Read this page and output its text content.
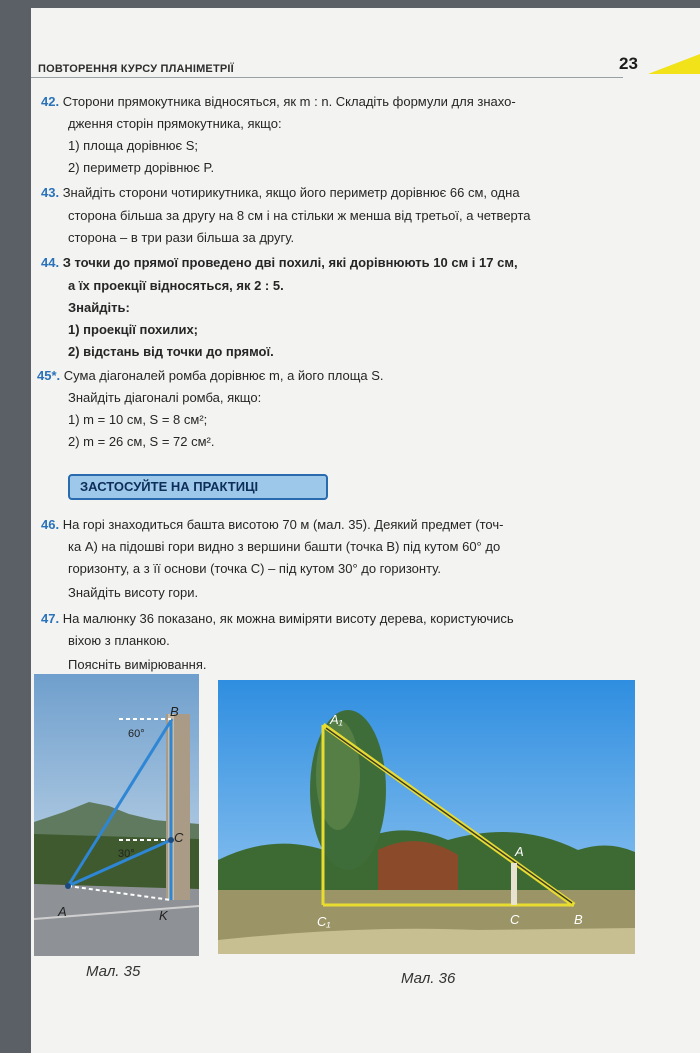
ПОВТОРЕННЯ КУРСУ ПЛАНІМЕТРІЇ	23
42. Сторони прямокутника відносяться, як m : n. Складіть формули для знахо-
дження сторін прямокутника, якщо:
1) площа дорівнює S;
2) периметр дорівнює P.
43. Знайдіть сторони чотирикутника, якщо його периметр дорівнює 66 см, одна
сторона більша за другу на 8 см і на стільки ж менша від третьої, а четверта
сторона – в три рази більша за другу.
44. З точки до прямої проведено дві похилі, які дорівнюють 10 см і 17 см,
а їх проекції відносяться, як 2 : 5.
Знайдіть:
1) проекції похилих;
2) відстань від точки до прямої.
45*. Сума діагоналей ромба дорівнює m, а його площа S.
Знайдіть діагоналі ромба, якщо:
1) m = 10 см, S = 8 см²;
2) m = 26 см, S = 72 см².
ЗАСТОСУЙТЕ НА ПРАКТИЦІ
46. На горі знаходиться башта висотою 70 м (мал. 35). Деякий предмет (точ-
ка A) на підошві гори видно з вершини башти (точка B) під кутом 60° до
горизонту, а з її основи (точка C) – під кутом 30° до горизонту.
Знайдіть висоту гори.
47. На малюнку 36 показано, як можна виміряти висоту дерева, користуючись
віхою з планкою.
Поясніть вимірювання.
B
C
A	K
60°
30°
Мал. 35
A₁
A
C₁	C	B
Мал. 36
